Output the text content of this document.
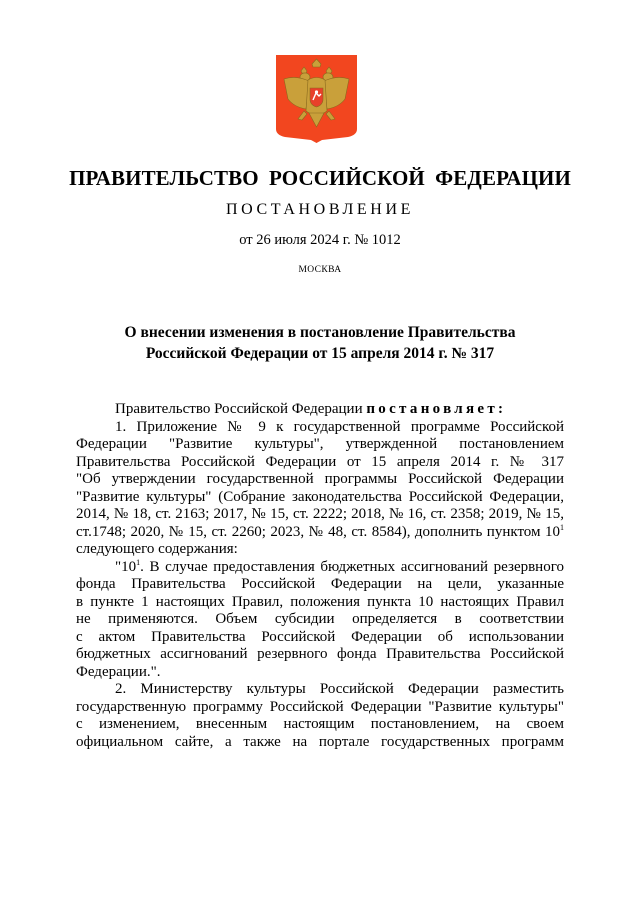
ПРАВИТЕЛЬСТВО РОССИЙСКОЙ ФЕДЕРАЦИИ
ПОСТАНОВЛЕНИЕ
от 26 июля 2024 г. № 1012
МОСКВА
О внесении изменения в постановление Правительства
Российской Федерации от 15 апреля 2014 г. № 317
Правительство Российской Федерации постановляет:
1. Приложение № 9 к государственной программе Российской
Федерации "Развитие культуры", утвержденной постановлением
Правительства Российской Федерации от 15 апреля 2014 г. № 317
"Об утверждении государственной программы Российской Федерации
"Развитие культуры" (Собрание законодательства Российской Федерации,
2014, № 18, ст. 2163; 2017, № 15, ст. 2222; 2018, № 16, ст. 2358; 2019, № 15,
ст.1748; 2020, № 15, ст. 2260; 2023, № 48, ст. 8584), дополнить пунктом $10^1$
следующего содержания:
"$10^1$. В случае предоставления бюджетных ассигнований резервного
фонда Правительства Российской Федерации на цели, указанные
в пункте 1 настоящих Правил, положения пункта 10 настоящих Правил
не применяются. Объем субсидии определяется в соответствии
с актом Правительства Российской Федерации об использовании
бюджетных ассигнований резервного фонда Правительства Российской
Федерации.".
2. Министерству культуры Российской Федерации разместить
государственную программу Российской Федерации "Развитие культуры"
с изменением, внесенным настоящим постановлением, на своем
официальном сайте, а также на портале государственных программ
